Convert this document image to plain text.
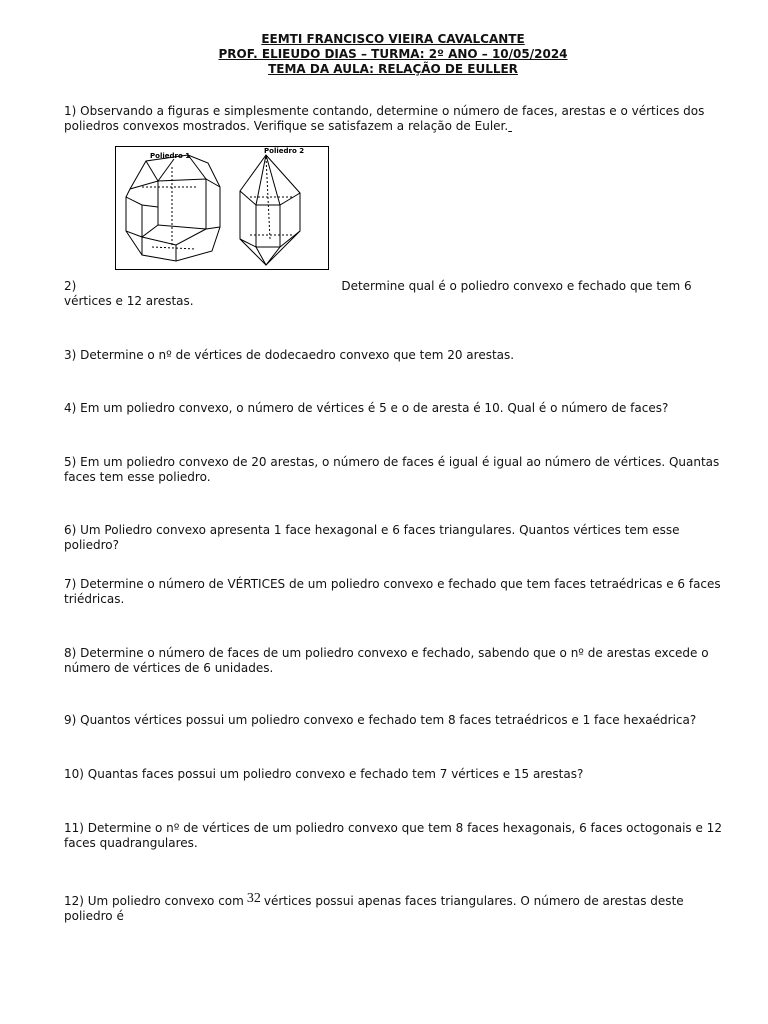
EEMTI FRANCISCO VIEIRA CAVALCANTE
PROF. ELIEUDO DIAS – TURMA: 2º ANO – 10/05/2024
TEMA DA AULA: RELAÇÃO DE EULLER

1) Observando a figuras e simplesmente contando, determine o número de faces, arestas e o vértices dos poliedros convexos mostrados. Verifique se satisfazem a relação de Euler.

Poliedro 1
Poliedro 2

2)	Determine qual é o poliedro convexo e fechado que tem 6 vértices e 12 arestas.

3) Determine o nº de vértices de dodecaedro convexo que tem 20 arestas.

4) Em um poliedro convexo, o número de vértices é 5 e o de aresta é 10. Qual é o número de faces?

5) Em um poliedro convexo de 20 arestas, o número de faces é igual é igual ao número de vértices. Quantas faces tem esse poliedro.

6) Um Poliedro convexo apresenta 1 face hexagonal e 6 faces triangulares. Quantos vértices tem esse poliedro?

7) Determine o número de VÉRTICES de um poliedro convexo e fechado que tem faces tetraédricas e 6 faces triédricas.

8) Determine o número de faces de um poliedro convexo e fechado, sabendo que o nº de arestas excede o número de vértices de 6 unidades.

9) Quantos vértices possui um poliedro convexo e fechado tem 8 faces tetraédricos e 1 face hexaédrica?

10) Quantas faces possui um poliedro convexo e fechado tem 7 vértices e 15 arestas?

11) Determine o nº de vértices de um poliedro convexo que tem 8 faces hexagonais, 6 faces octogonais e 12 faces quadrangulares.

12) Um poliedro convexo com 32 vértices possui apenas faces triangulares. O número de arestas deste poliedro é
